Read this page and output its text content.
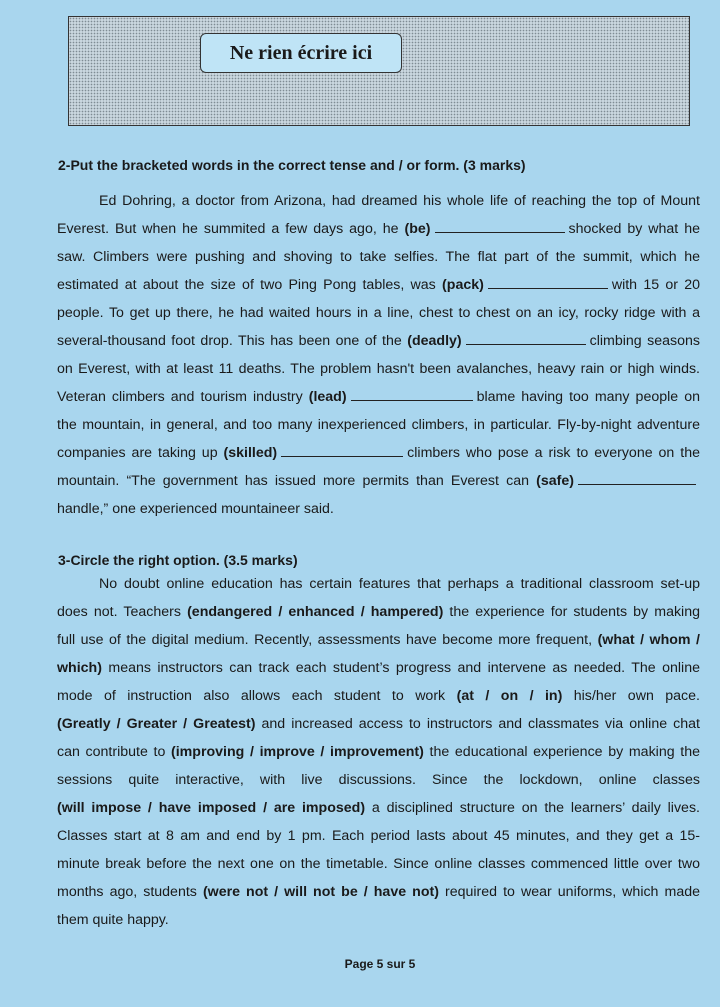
Ne rien écrire ici
2-Put the bracketed words in the correct tense and / or form. (3 marks)
Ed Dohring, a doctor from Arizona, had dreamed his whole life of reaching the top of Mount
Everest. But when he summited a few days ago, he (be)	shocked by what he
saw. Climbers were pushing and shoving to take selfies. The flat part of the summit, which he
estimated at about the size of two Ping Pong tables, was (pack)	with 15 or 20
people. To get up there, he had waited hours in a line, chest to chest on an icy, rocky ridge with a
several-thousand foot drop. This has been one of the (deadly)	climbing seasons
on Everest, with at least 11 deaths. The problem hasn't been avalanches, heavy rain or high winds.
Veteran climbers and tourism industry (lead)	blame having too many people on
the mountain, in general, and too many inexperienced climbers, in particular. Fly-by-night adventure
companies are taking up (skilled)	climbers who pose a risk to everyone on the
mountain. “The government has issued more permits than Everest can (safe)
handle,” one experienced mountaineer said.
3-Circle the right option. (3.5 marks)
No doubt online education has certain features that perhaps a traditional classroom set-up
does not. Teachers (endangered / enhanced / hampered) the experience for students by making
full use of the digital medium. Recently, assessments have become more frequent, (what / whom /
which) means instructors can track each student’s progress and intervene as needed. The online
mode of instruction also allows each student to work (at / on / in) his/her own pace.
(Greatly / Greater / Greatest) and increased access to instructors and classmates via online chat
can contribute to (improving / improve / improvement) the educational experience by making the
sessions quite interactive, with live discussions. Since the lockdown, online classes
(will impose / have imposed / are imposed) a disciplined structure on the learners’ daily lives.
Classes start at 8 am and end by 1 pm. Each period lasts about 45 minutes, and they get a 15-
minute break before the next one on the timetable. Since online classes commenced little over two
months ago, students (were not / will not be / have not) required to wear uniforms, which made
them quite happy.
Page 5 sur 5
